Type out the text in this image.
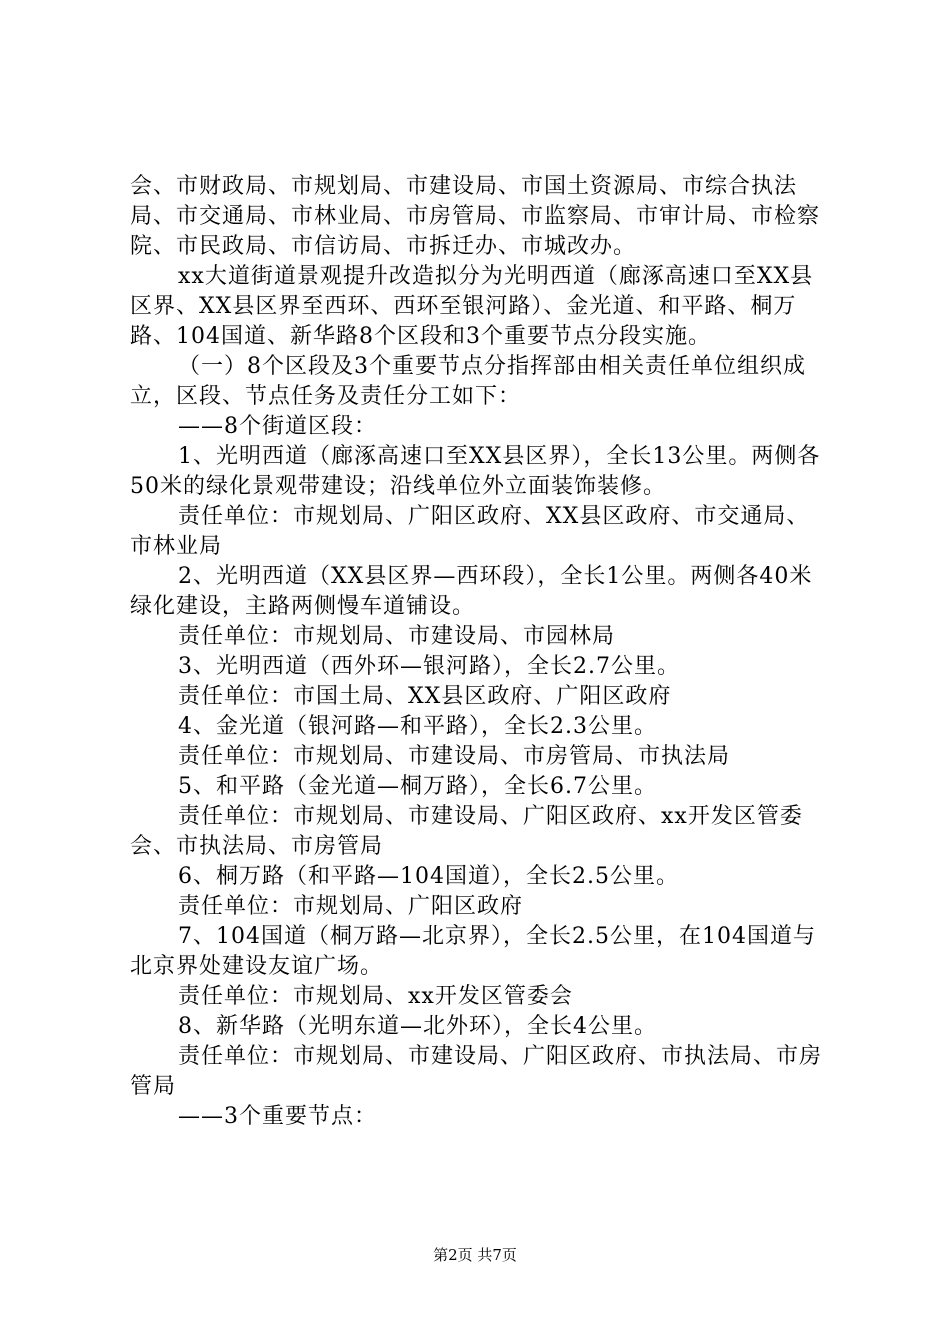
会、市财政局、市规划局、市建设局、市国土资源局、市综合执法局、市交通局、市林业局、市房管局、市监察局、市审计局、市检察院、市民政局、市信访局、市拆迁办、市城改办。

xx大道街道景观提升改造拟分为光明西道（廊涿高速口至XX县区界、XX县区界至西环、西环至银河路）、金光道、和平路、桐万路、104国道、新华路8个区段和3个重要节点分段实施。

（一）8个区段及3个重要节点分指挥部由相关责任单位组织成立，区段、节点任务及责任分工如下：

——8个街道区段：

1、光明西道（廊涿高速口至XX县区界），全长13公里。两侧各50米的绿化景观带建设；沿线单位外立面装饰装修。

责任单位：市规划局、广阳区政府、XX县区政府、市交通局、市林业局

2、光明西道（XX县区界—西环段），全长1公里。两侧各40米绿化建设，主路两侧慢车道铺设。

责任单位：市规划局、市建设局、市园林局

3、光明西道（西外环—银河路），全长2.7公里。

责任单位：市国土局、XX县区政府、广阳区政府

4、金光道（银河路—和平路），全长2.3公里。

责任单位：市规划局、市建设局、市房管局、市执法局

5、和平路（金光道—桐万路），全长6.7公里。

责任单位：市规划局、市建设局、广阳区政府、xx开发区管委会、市执法局、市房管局

6、桐万路（和平路—104国道），全长2.5公里。

责任单位：市规划局、广阳区政府

7、104国道（桐万路—北京界），全长2.5公里，在104国道与北京界处建设友谊广场。

责任单位：市规划局、xx开发区管委会

8、新华路（光明东道—北外环），全长4公里。

责任单位：市规划局、市建设局、广阳区政府、市执法局、市房管局

——3个重要节点：

第2页 共7页
